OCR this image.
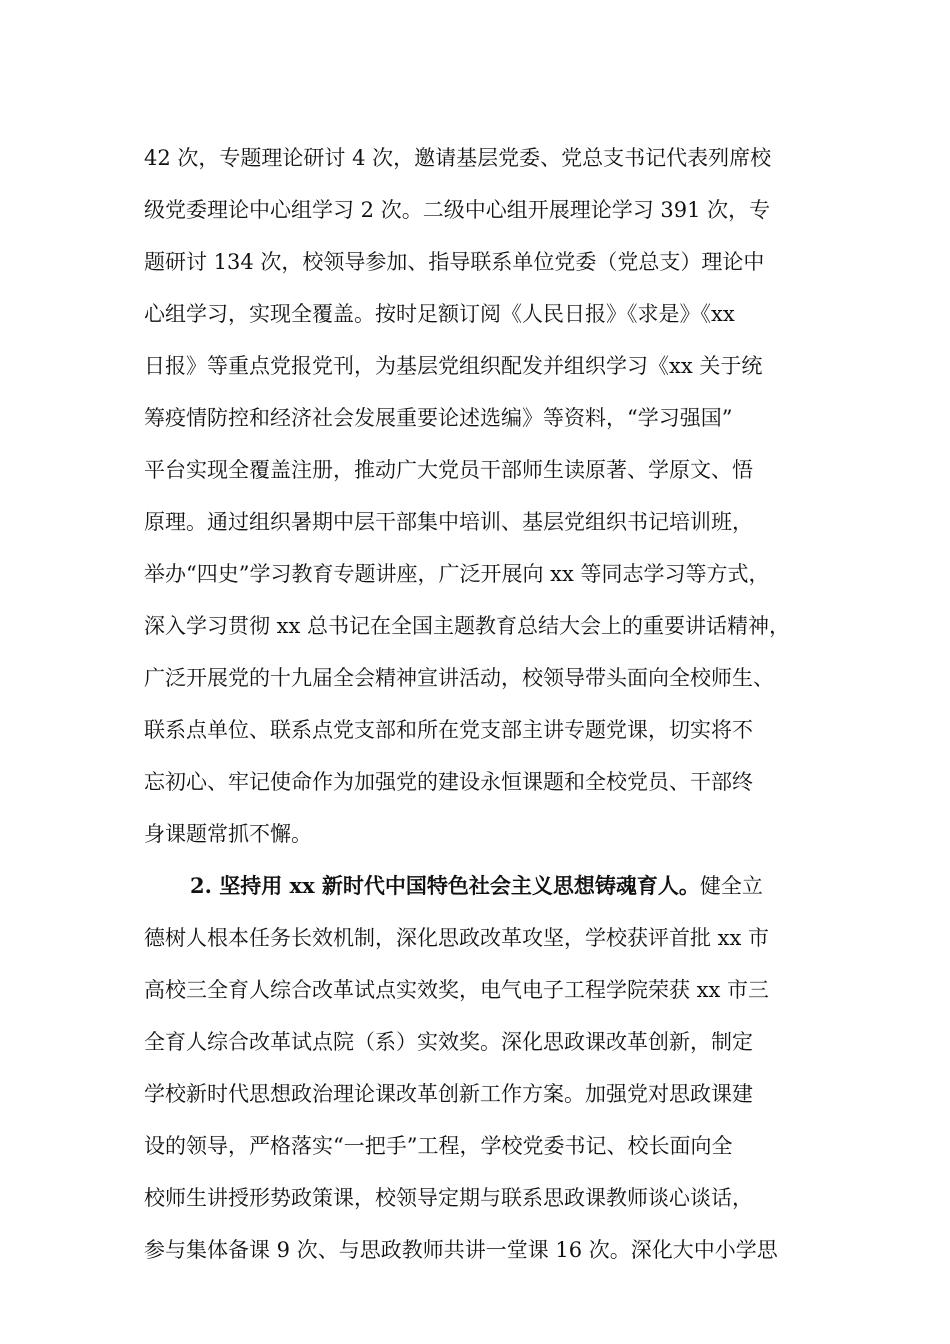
42 次，专题理论研讨 4 次，邀请基层党委、党总支书记代表列席校
级党委理论中心组学习 2 次。二级中心组开展理论学习 391 次，专
题研讨 134 次，校领导参加、指导联系单位党委（党总支）理论中
心组学习，实现全覆盖。按时足额订阅《人民日报》《求是》《xx
日报》等重点党报党刊，为基层党组织配发并组织学习《xx 关于统
筹疫情防控和经济社会发展重要论述选编》等资料，“学习强国”
平台实现全覆盖注册，推动广大党员干部师生读原著、学原文、悟
原理。通过组织暑期中层干部集中培训、基层党组织书记培训班，
举办“四史”学习教育专题讲座，广泛开展向 xx 等同志学习等方式，
深入学习贯彻 xx 总书记在全国主题教育总结大会上的重要讲话精神，
广泛开展党的十九届全会精神宣讲活动，校领导带头面向全校师生、
联系点单位、联系点党支部和所在党支部主讲专题党课，切实将不
忘初心、牢记使命作为加强党的建设永恒课题和全校党员、干部终
身课题常抓不懈。
2. 坚持用 xx 新时代中国特色社会主义思想铸魂育人。健全立
德树人根本任务长效机制，深化思政改革攻坚，学校获评首批 xx 市
高校三全育人综合改革试点实效奖，电气电子工程学院荣获 xx 市三
全育人综合改革试点院（系）实效奖。深化思政课改革创新，制定
学校新时代思想政治理论课改革创新工作方案。加强党对思政课建
设的领导，严格落实“一把手”工程，学校党委书记、校长面向全
校师生讲授形势政策课，校领导定期与联系思政课教师谈心谈话，
参与集体备课 9 次、与思政教师共讲一堂课 16 次。深化大中小学思
